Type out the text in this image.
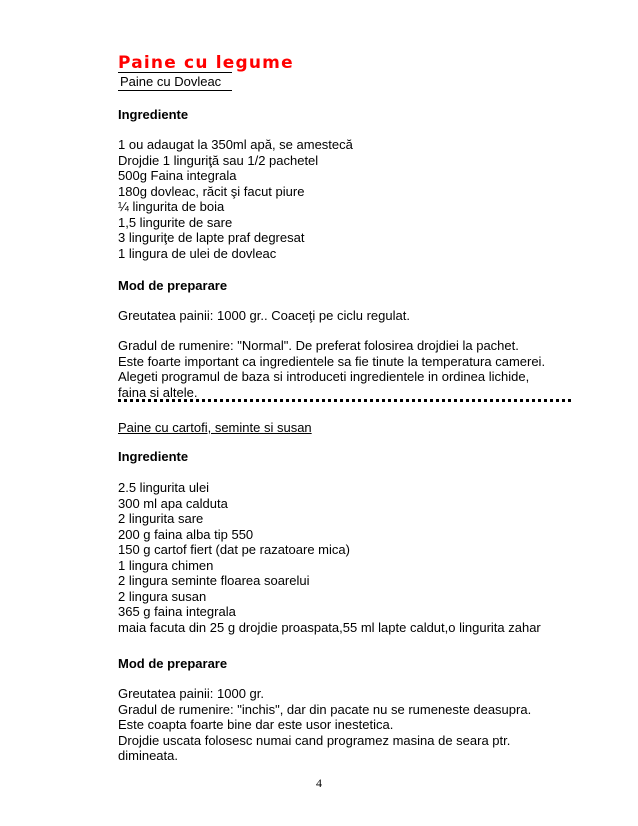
Paine cu legume
Paine cu Dovleac
Ingrediente
1 ou adaugat la 350ml apă, se amestecă
Drojdie 1 linguriţă sau 1/2 pachetel
500g Faina integrala
180g dovleac, răcit şi facut piure
¼ lingurita de boia
1,5 lingurite de sare
3 linguriţe de lapte praf degresat
1 lingura de ulei de dovleac
Mod de preparare
Greutatea painii: 1000 gr.. Coaceţi pe ciclu regulat.
Gradul de rumenire: "Normal". De preferat folosirea drojdiei la pachet.
Este foarte important ca ingredientele sa fie tinute la temperatura camerei.
Alegeti programul de baza si introduceti ingredientele in ordinea lichide,
faina si altele.
Paine cu cartofi, seminte si susan
Ingrediente
2.5 lingurita ulei
300 ml apa calduta
2 lingurita sare
200 g faina alba tip 550
150 g cartof fiert (dat pe razatoare mica)
1 lingura chimen
2 lingura seminte floarea soarelui
2 lingura susan
365 g faina integrala
maia facuta din 25 g drojdie proaspata,55 ml lapte caldut,o lingurita zahar
Mod de preparare
Greutatea painii: 1000 gr.
Gradul de rumenire: "inchis", dar din pacate nu se rumeneste deasupra.
Este coapta foarte bine dar este usor inestetica.
Drojdie uscata folosesc numai cand programez masina de seara ptr.
dimineata.
4
